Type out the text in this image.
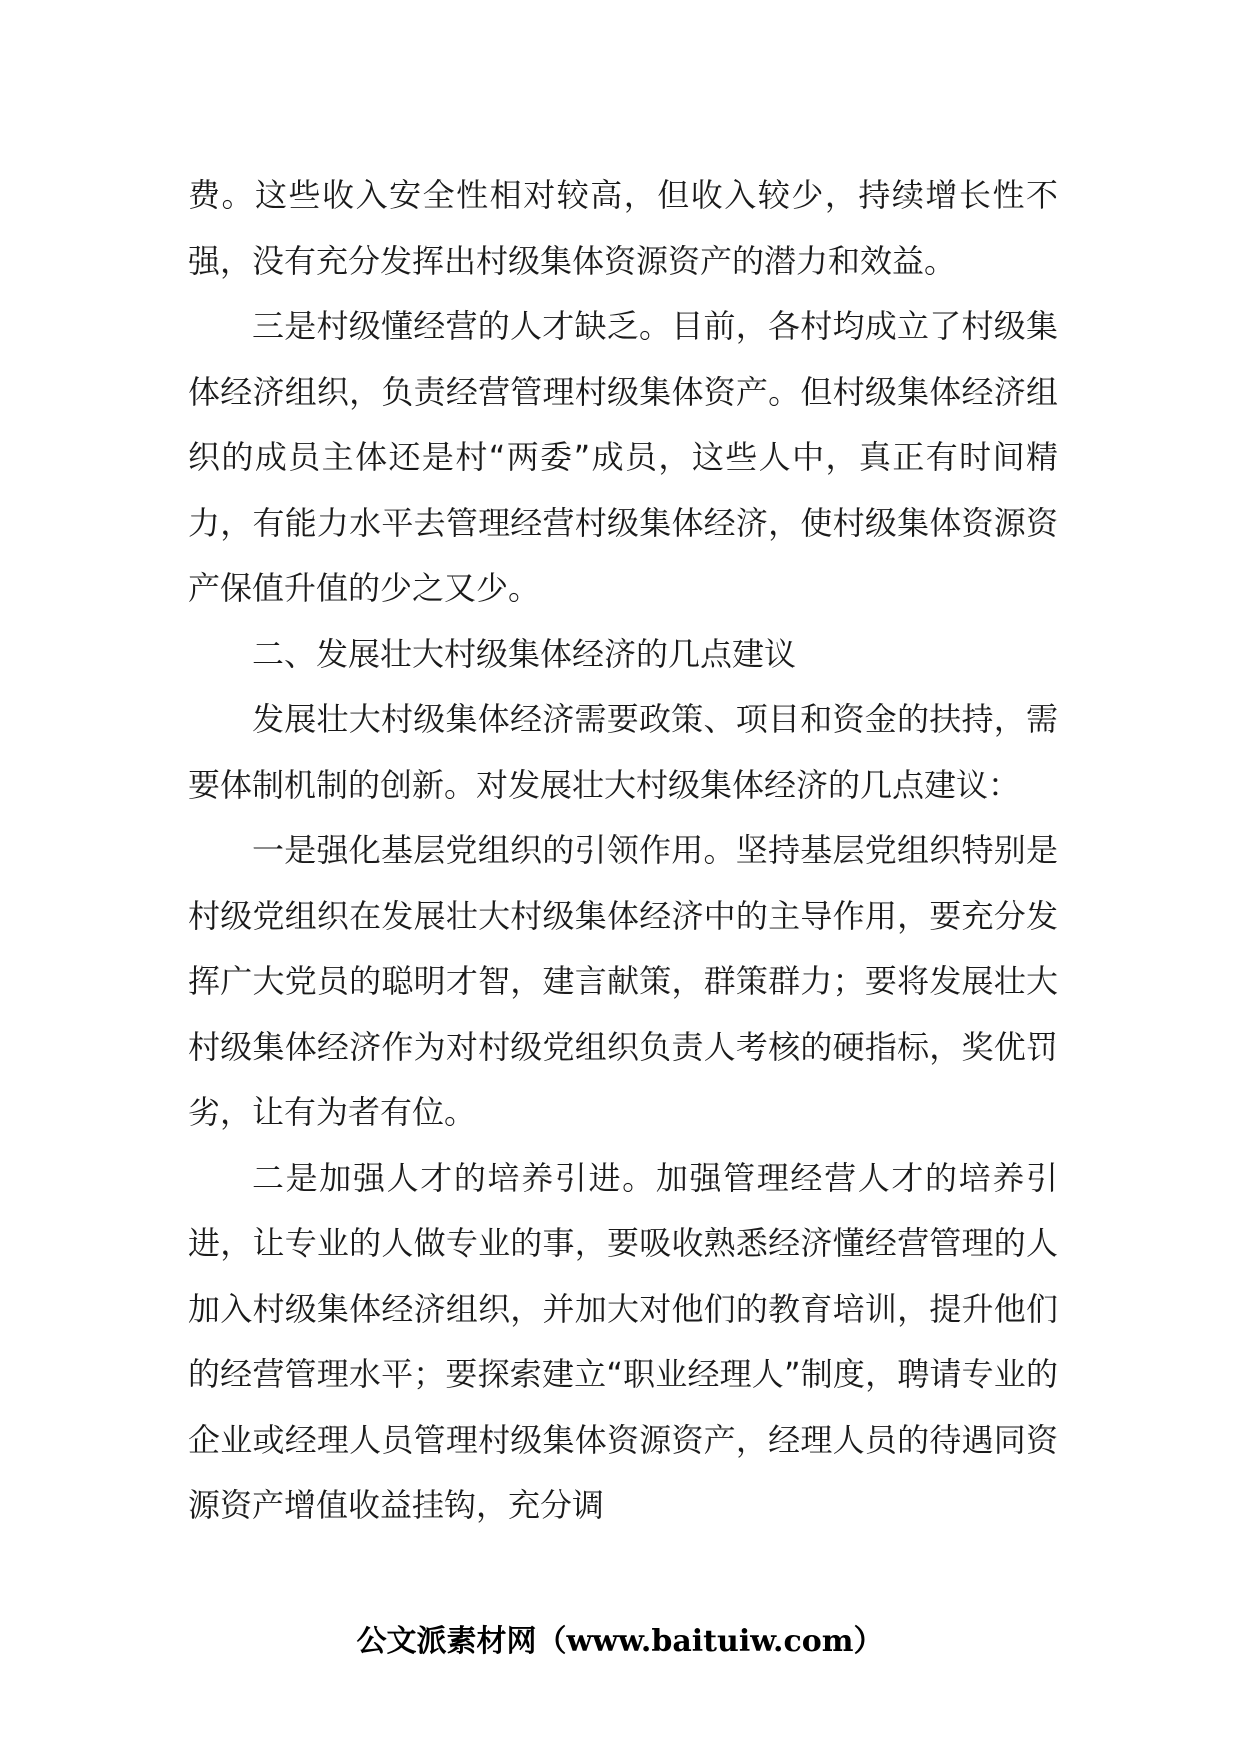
费。这些收入安全性相对较高，但收入较少，持续增长性不强，没有充分发挥出村级集体资源资产的潜力和效益。

三是村级懂经营的人才缺乏。目前，各村均成立了村级集体经济组织，负责经营管理村级集体资产。但村级集体经济组织的成员主体还是村“两委”成员，这些人中，真正有时间精力，有能力水平去管理经营村级集体经济，使村级集体资源资产保值升值的少之又少。

二、发展壮大村级集体经济的几点建议

发展壮大村级集体经济需要政策、项目和资金的扶持，需要体制机制的创新。对发展壮大村级集体经济的几点建议：

一是强化基层党组织的引领作用。坚持基层党组织特别是村级党组织在发展壮大村级集体经济中的主导作用，要充分发挥广大党员的聪明才智，建言献策，群策群力；要将发展壮大村级集体经济作为对村级党组织负责人考核的硬指标，奖优罚劣，让有为者有位。

二是加强人才的培养引进。加强管理经营人才的培养引进，让专业的人做专业的事，要吸收熟悉经济懂经营管理的人加入村级集体经济组织，并加大对他们的教育培训，提升他们的经营管理水平；要探索建立“职业经理人”制度，聘请专业的企业或经理人员管理村级集体资源资产，经理人员的待遇同资源资产增值收益挂钩，充分调

公文派素材网（www.baituiw.com）
